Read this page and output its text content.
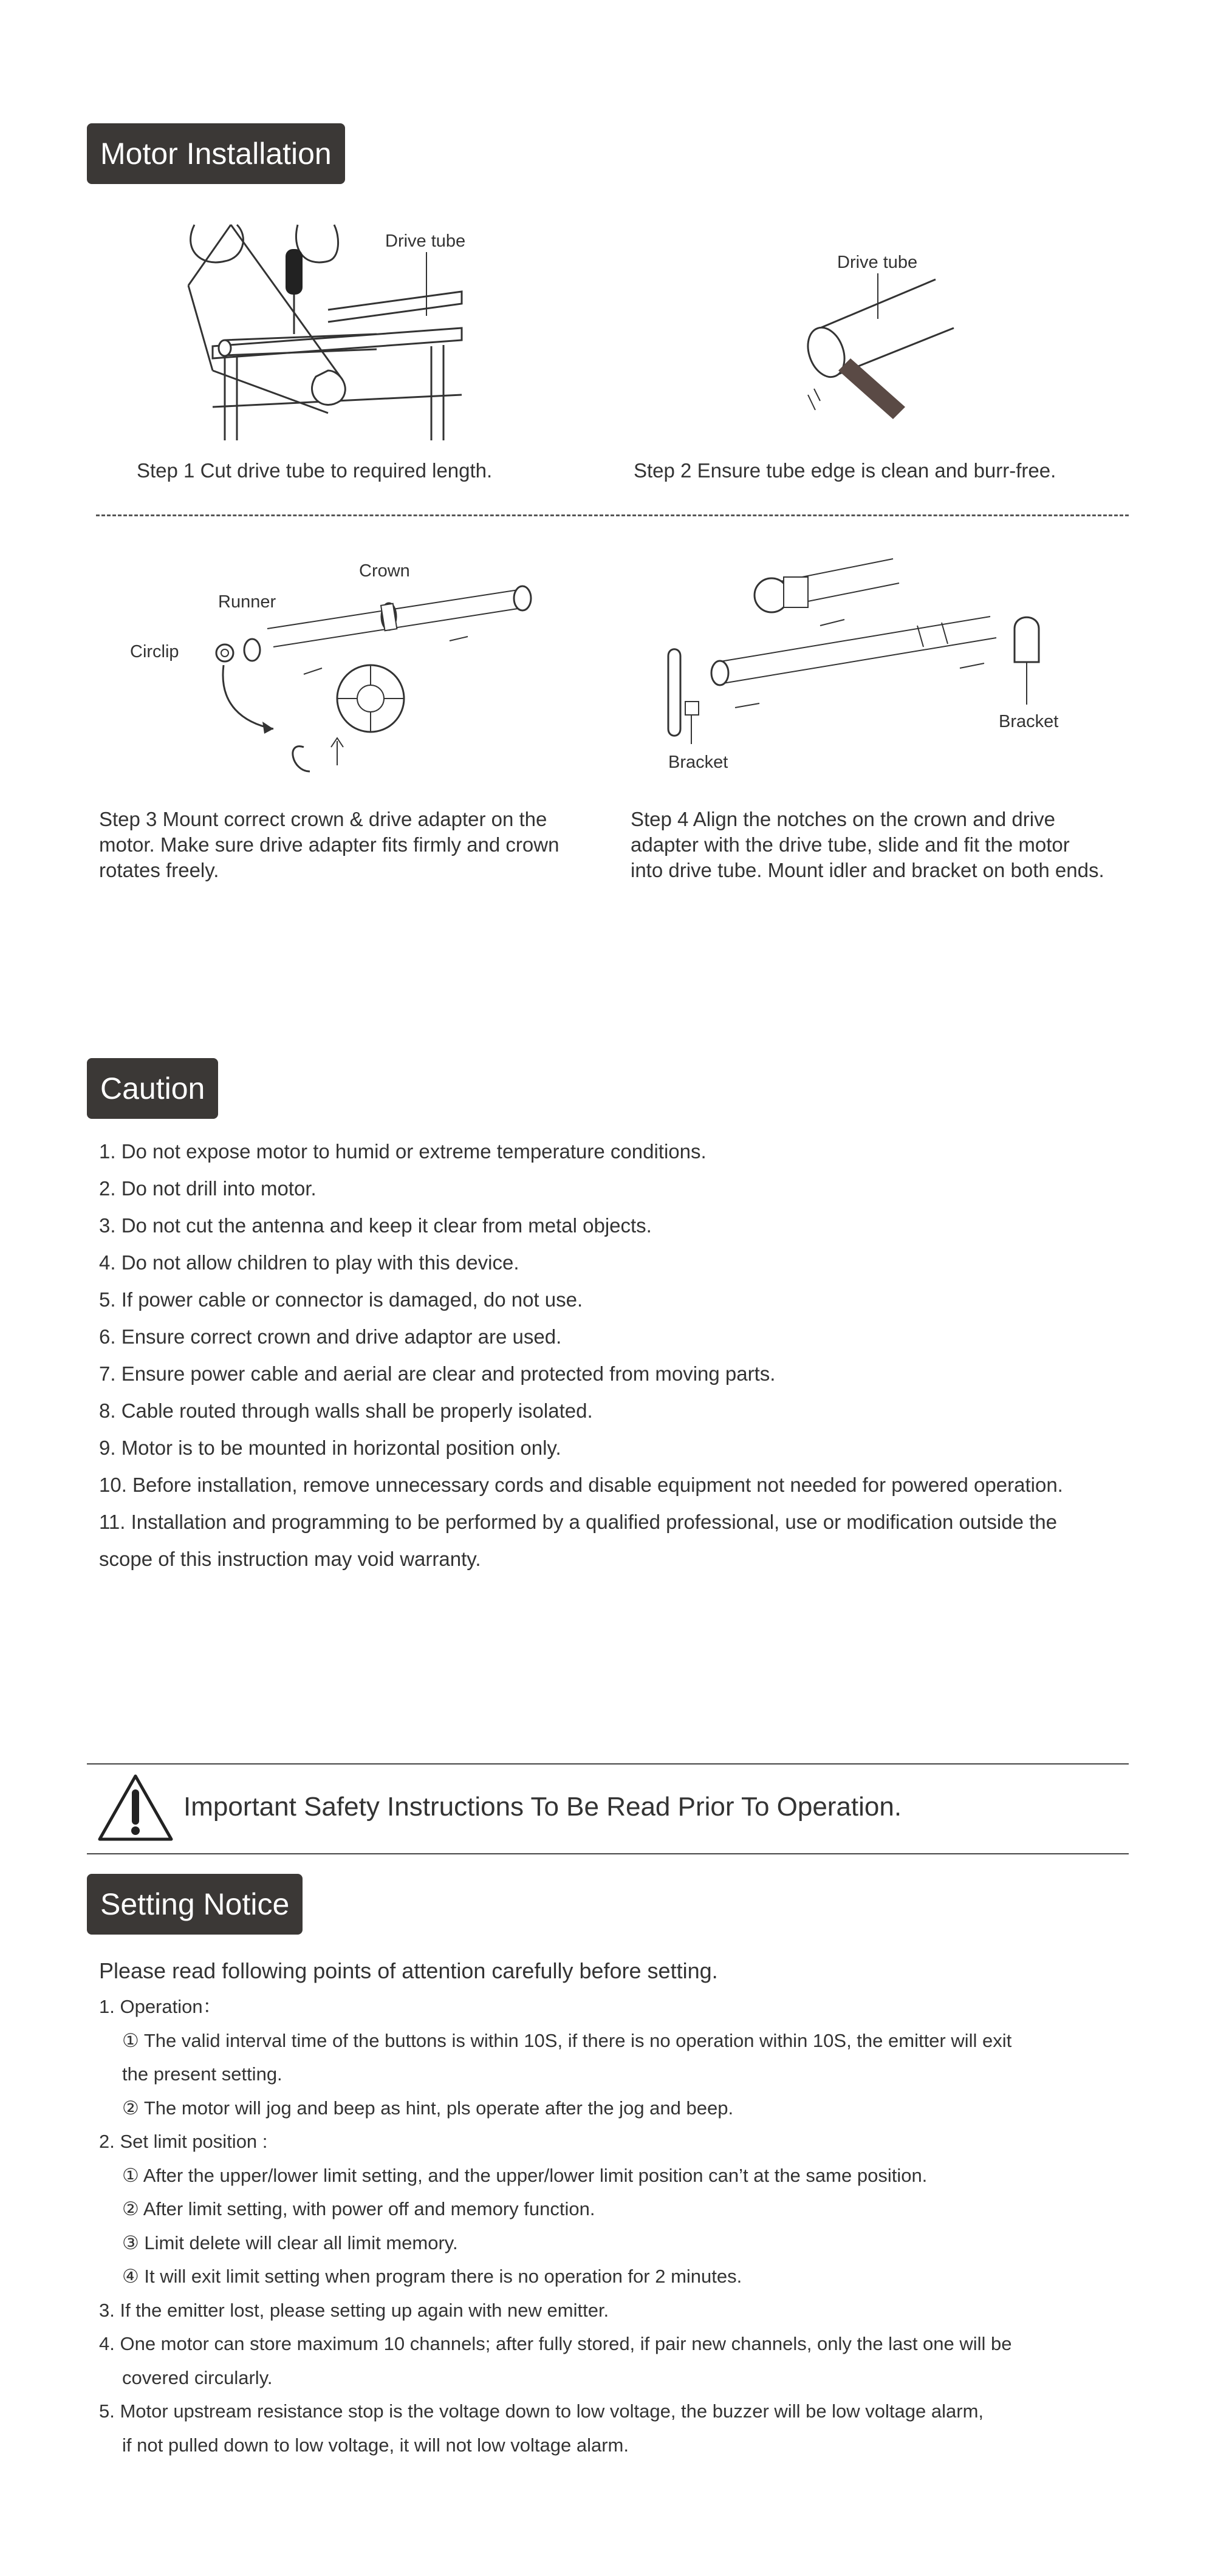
Motor Installation
Drive tube
Drive tube
Step 1 Cut drive tube to required length.	Step 2 Ensure tube edge is clean and burr-free.
Crown
Runner
Circlip
Bracket
Bracket
Step 3 Mount correct crown & drive adapter on the motor. Make sure drive adapter fits firmly and crown rotates freely.
Step 4 Align the notches on the crown and drive adapter with the drive tube, slide and fit the motor into drive tube. Mount idler and bracket on both ends.
Caution
1. Do not expose motor to humid or extreme temperature conditions.
2. Do not drill into motor.
3. Do not cut the antenna and keep it clear from metal objects.
4. Do not allow children to play with this device.
5. If power cable or connector is damaged, do not use.
6. Ensure correct crown and drive adaptor are used.
7. Ensure power cable and aerial are clear and protected from moving parts.
8. Cable routed through walls shall be properly isolated.
9. Motor is to be mounted in horizontal position only.
10. Before installation, remove unnecessary cords and disable equipment not needed for powered operation.
11. Installation and programming to be performed by a qualified professional, use or modification outside the
scope of this instruction may void warranty.
Important Safety Instructions To Be Read Prior To Operation.
Setting Notice
Please read following points of attention carefully before setting.
1. Operation：
① The valid interval time of the buttons is within 10S, if there is no operation within 10S, the emitter will exit
the present setting.
② The motor will jog and beep as hint, pls operate after the jog and beep.
2. Set limit position :
① After the upper/lower limit setting, and the upper/lower limit position can’t at the same position.
② After limit setting, with power off and memory function.
③ Limit delete will clear all limit memory.
④ It will exit limit setting when program there is no operation for 2 minutes.
3. If the emitter lost, please setting up again with new emitter.
4. One motor can store maximum 10 channels; after fully stored, if pair new channels, only the last one will be
covered circularly.
5. Motor upstream resistance stop is the voltage down to low voltage, the buzzer will be low voltage alarm,
if not pulled down to low voltage, it will not low voltage alarm.
